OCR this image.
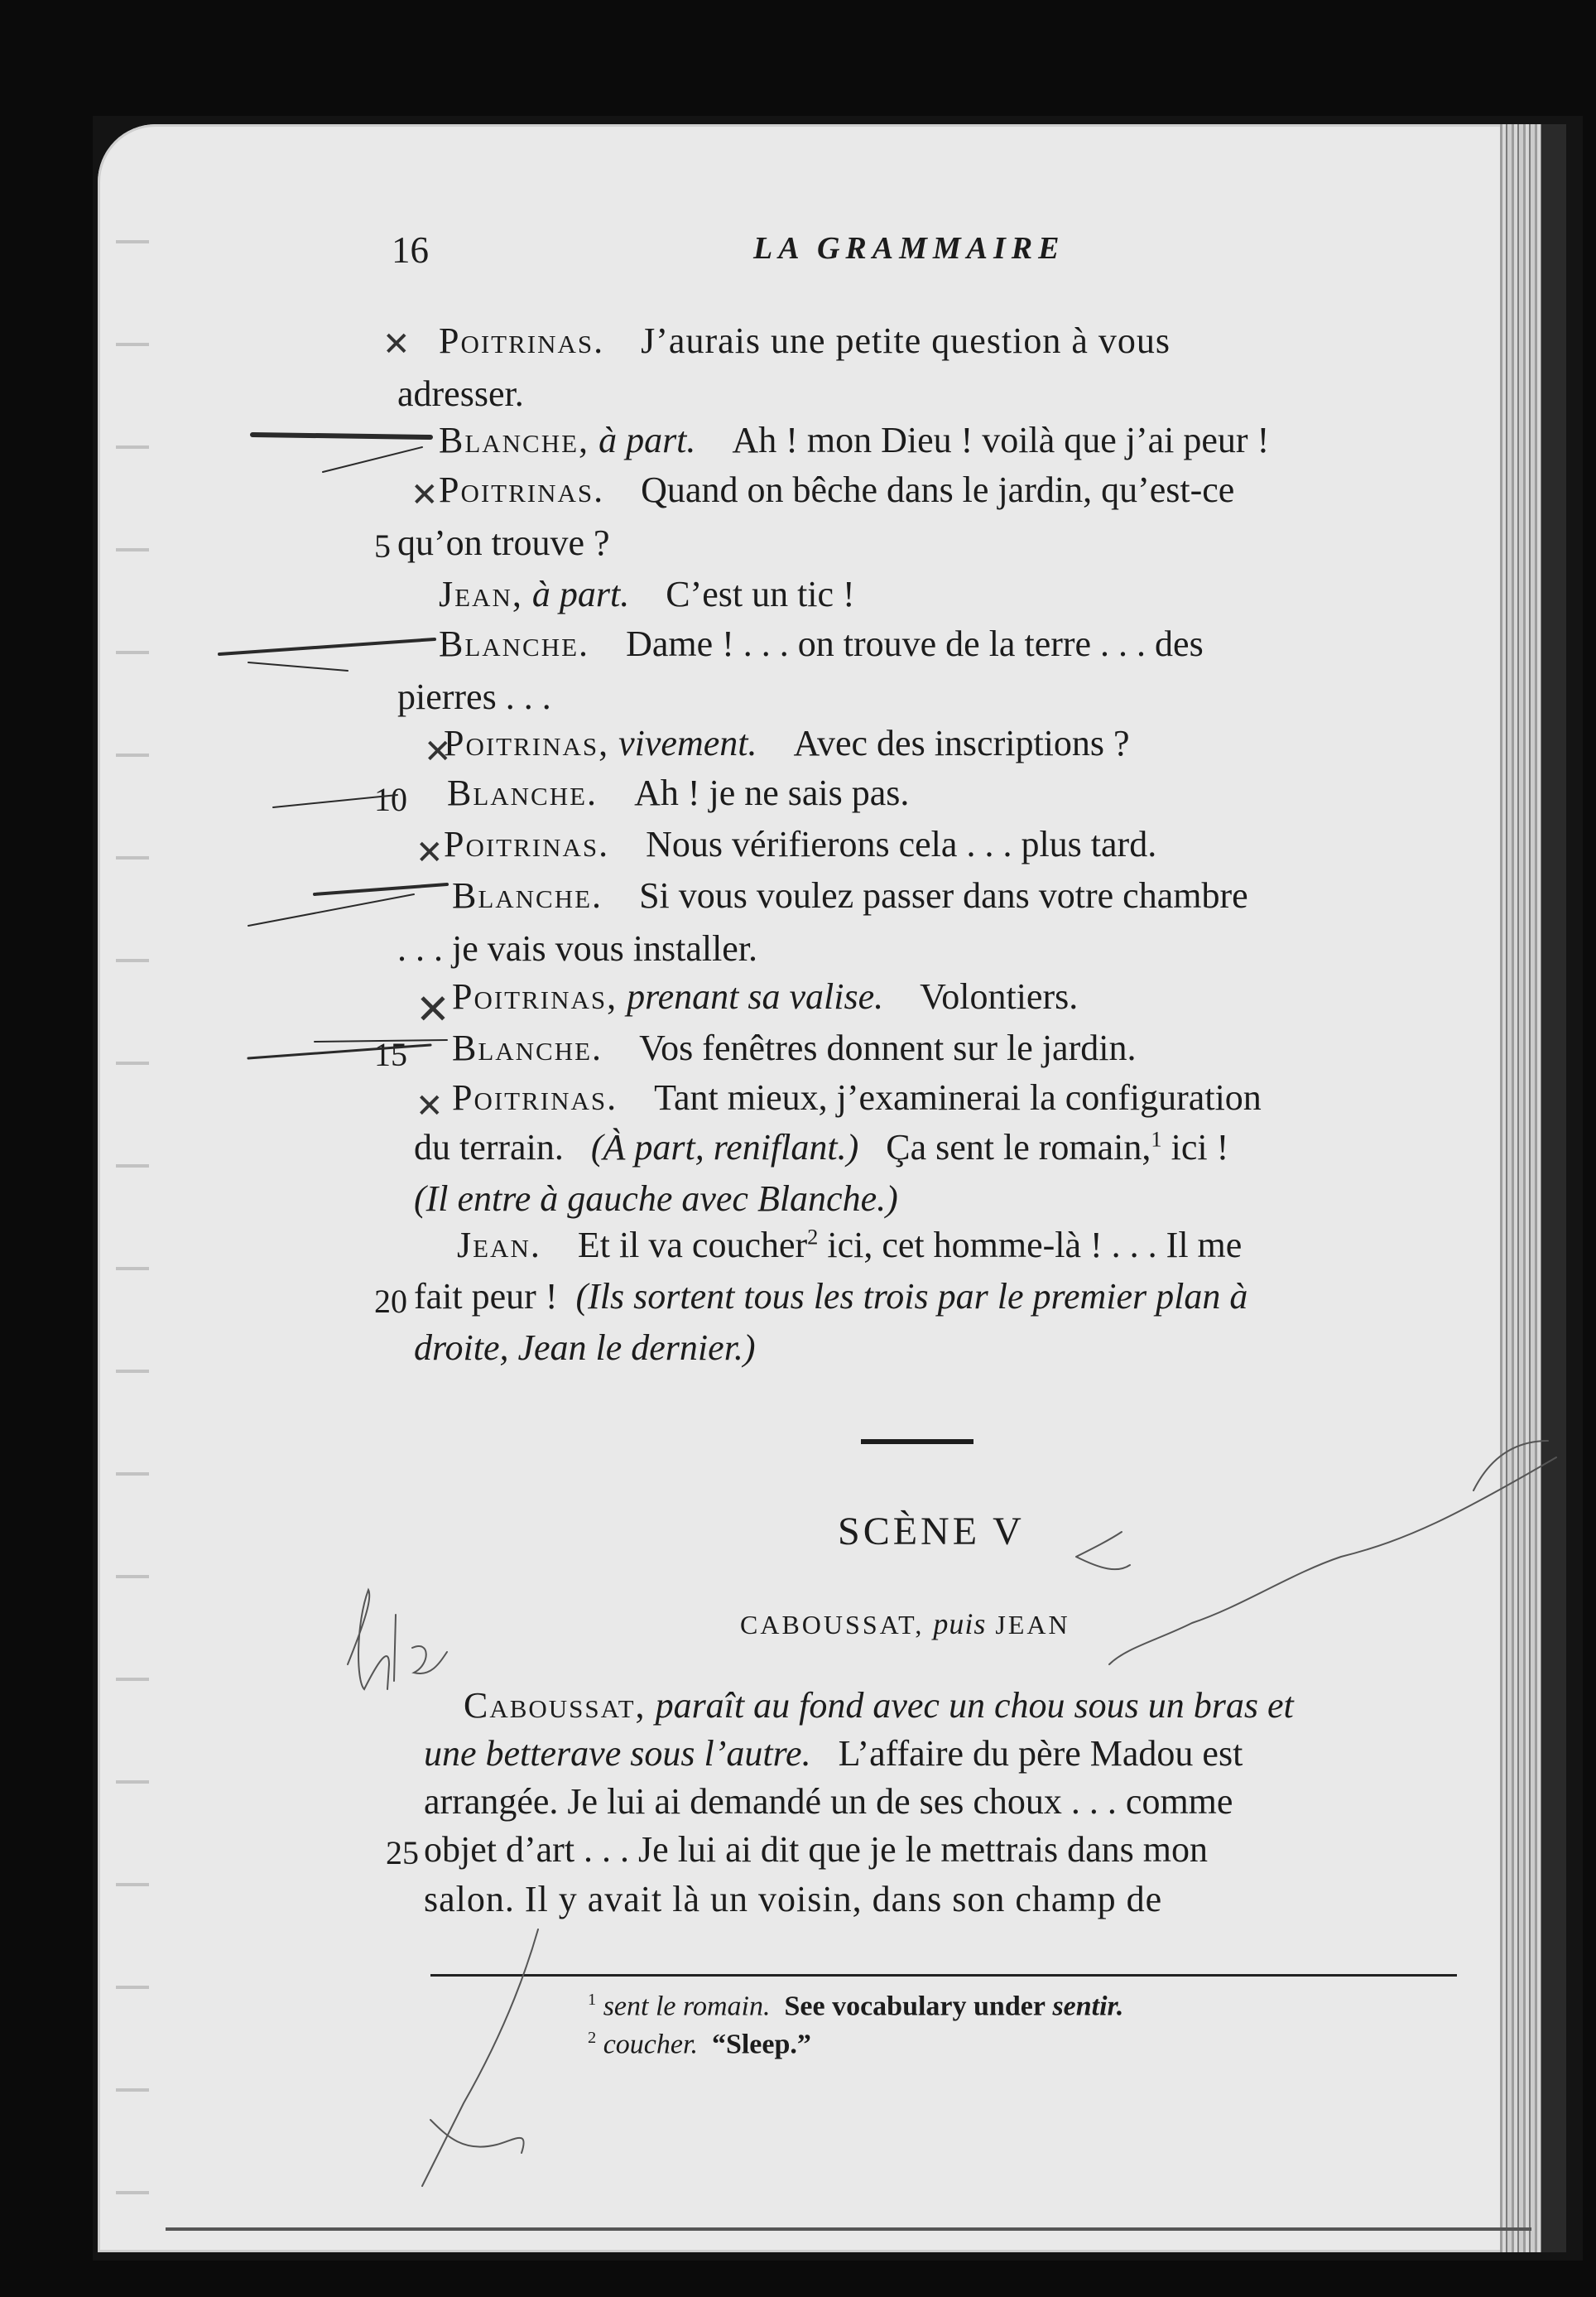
16	LA GRAMMAIRE
✕ Poitrinas. J’aurais une petite question à vous
adresser.
Blanche, à part. Ah ! mon Dieu ! voilà que j’ai peur !
✕ Poitrinas. Quand on bêche dans le jardin, qu’est-ce
5 qu’on trouve ?
Jean, à part. C’est un tic !
Blanche. Dame ! . . . on trouve de la terre . . . des
pierres . . .
✕
Poitrinas, vivement. Avec des inscriptions ?
10 Blanche. Ah ! je ne sais pas.
✕ Poitrinas. Nous vérifierons cela . . . plus tard.
Blanche. Si vous voulez passer dans votre chambre
. . . je vais vous installer.
✕ Poitrinas, prenant sa valise. Volontiers.
15 Blanche. Vos fenêtres donnent sur le jardin.
✕ Poitrinas. Tant mieux, j’examinerai la configuration
du terrain. (À part, reniflant.) Ça sent le romain,$^1$ ici !
(Il entre à gauche avec Blanche.)
Jean. Et il va coucher$^2$ ici, cet homme-là ! . . . Il me
20 fait peur ! (Ils sortent tous les trois par le premier plan à
droite, Jean le dernier.)
SCÈNE V
CABOUSSAT, puis JEAN
Caboussat, paraît au fond avec un chou sous un bras et
une betterave sous l’autre. L’affaire du père Madou est
arrangée. Je lui ai demandé un de ses choux . . . comme
25 objet d’art . . . Je lui ai dit que je le mettrais dans mon
salon. Il y avait là un voisin, dans son champ de
$^1$ sent le romain. See vocabulary under sentir.
$^2$ coucher. “Sleep.”
